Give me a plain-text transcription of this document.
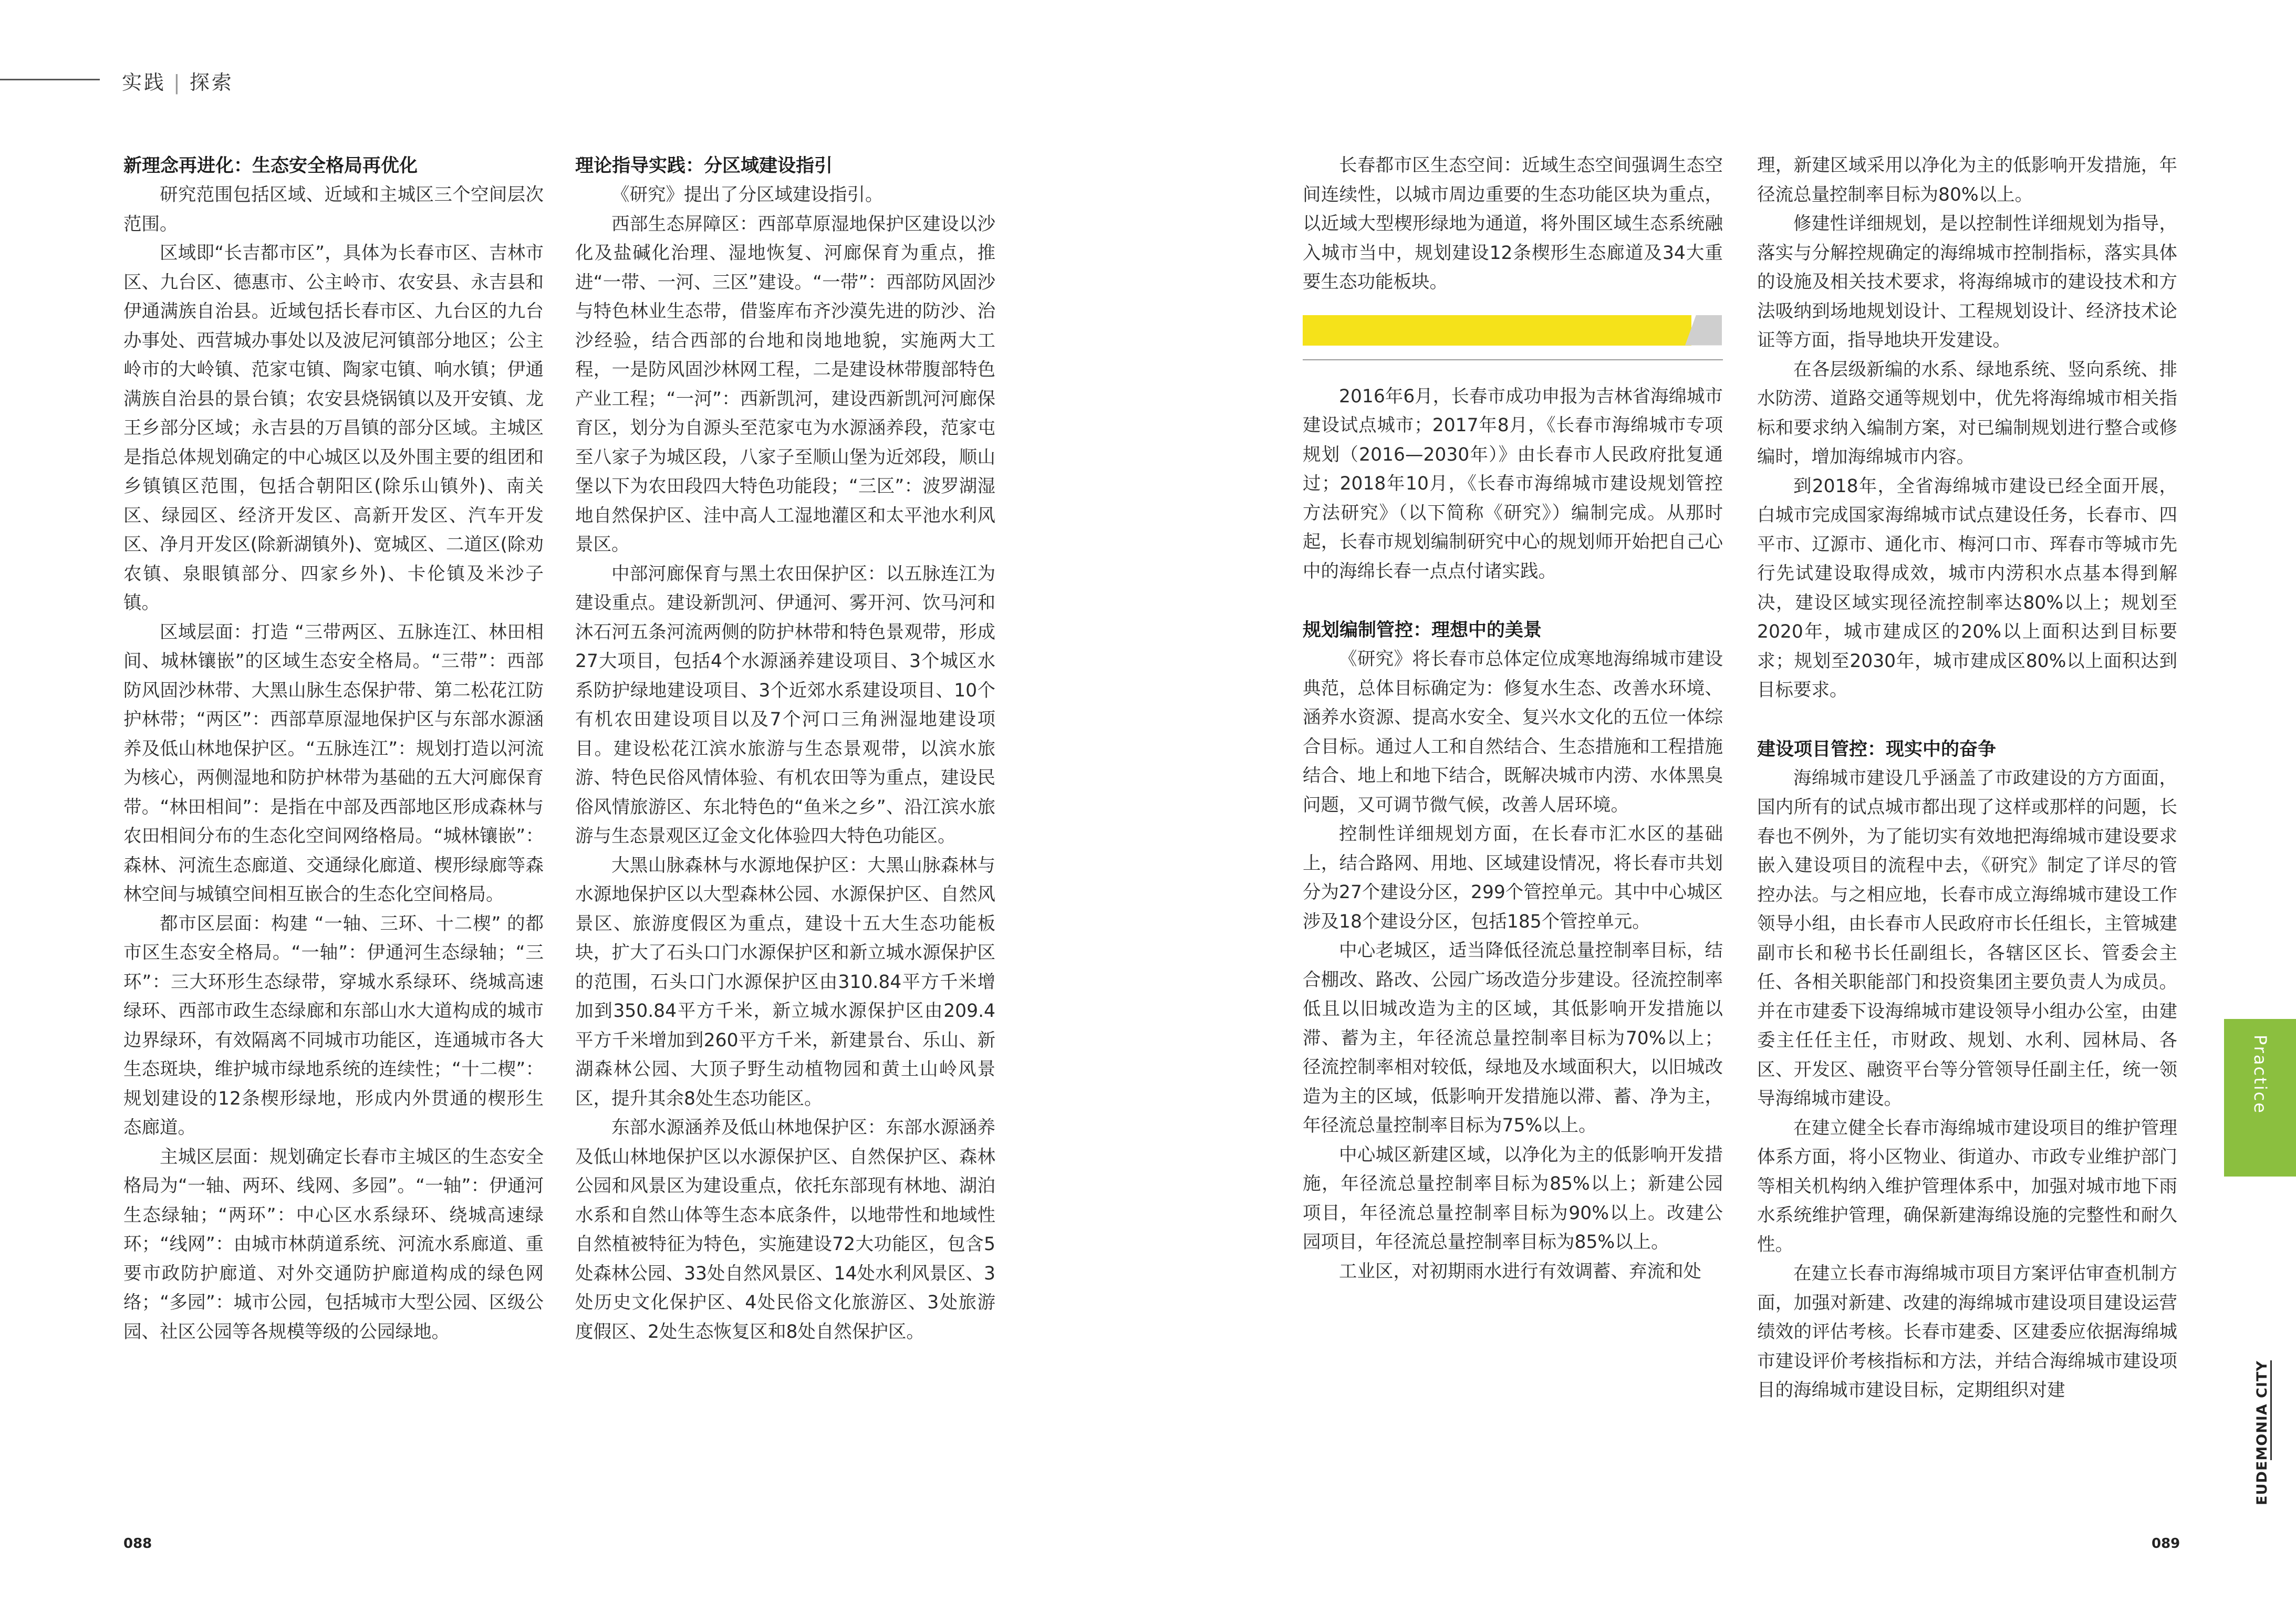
实践 | 探索
新理念再进化：生态安全格局再优化

研究范围包括区域、近域和主城区三个空间层次范围。

区域即“长吉都市区”，具体为长春市区、吉林市区、九台区、德惠市、公主岭市、农安县、永吉县和伊通满族自治县。近域包括长春市区、九台区的九台办事处、西营城办事处以及波尼河镇部分地区；公主岭市的大岭镇、范家屯镇、陶家屯镇、响水镇；伊通满族自治县的景台镇；农安县烧锅镇以及开安镇、龙王乡部分区域；永吉县的万昌镇的部分区域。主城区是指总体规划确定的中心城区以及外围主要的组团和乡镇镇区范围，包括合朝阳区(除乐山镇外)、南关区、绿园区、经济开发区、高新开发区、汽车开发区、净月开发区(除新湖镇外)、宽城区、二道区(除劝农镇、泉眼镇部分、四家乡外)、卡伦镇及米沙子镇。

区域层面：打造 “三带两区、五脉连江、林田相间、城林镶嵌”的区域生态安全格局。“三带”：西部防风固沙林带、大黑山脉生态保护带、第二松花江防护林带；“两区”：西部草原湿地保护区与东部水源涵养及低山林地保护区。“五脉连江”：规划打造以河流为核心，两侧湿地和防护林带为基础的五大河廊保育带。“林田相间”：是指在中部及西部地区形成森林与农田相间分布的生态化空间网络格局。“城林镶嵌”：森林、河流生态廊道、交通绿化廊道、楔形绿廊等森林空间与城镇空间相互嵌合的生态化空间格局。

都市区层面：构建 “一轴、三环、十二楔” 的都市区生态安全格局。“一轴”：伊通河生态绿轴；“三环”：三大环形生态绿带，穿城水系绿环、绕城高速绿环、西部市政生态绿廊和东部山水大道构成的城市边界绿环，有效隔离不同城市功能区，连通城市各大生态斑块，维护城市绿地系统的连续性；“十二楔”：规划建设的12条楔形绿地，形成内外贯通的楔形生态廊道。

主城区层面：规划确定长春市主城区的生态安全格局为“一轴、两环、线网、多园”。“一轴”：伊通河生态绿轴；“两环”：中心区水系绿环、绕城高速绿环；“线网”：由城市林荫道系统、河流水系廊道、重要市政防护廊道、对外交通防护廊道构成的绿色网络；“多园”：城市公园，包括城市大型公园、区级公园、社区公园等各规模等级的公园绿地。

理论指导实践：分区域建设指引

《研究》提出了分区域建设指引。

西部生态屏障区：西部草原湿地保护区建设以沙化及盐碱化治理、湿地恢复、河廊保育为重点，推进“一带、一河、三区”建设。“一带”：西部防风固沙与特色林业生态带，借鉴库布齐沙漠先进的防沙、治沙经验，结合西部的台地和岗地地貌，实施两大工程，一是防风固沙林网工程，二是建设林带腹部特色产业工程；“一河”：西新凯河，建设西新凯河河廊保育区，划分为自源头至范家屯为水源涵养段，范家屯至八家子为城区段，八家子至顺山堡为近郊段，顺山堡以下为农田段四大特色功能段；“三区”：波罗湖湿地自然保护区、洼中高人工湿地灌区和太平池水利风景区。

中部河廊保育与黑土农田保护区：以五脉连江为建设重点。建设新凯河、伊通河、雾开河、饮马河和沐石河五条河流两侧的防护林带和特色景观带，形成27大项目，包括4个水源涵养建设项目、3个城区水系防护绿地建设项目、3个近郊水系建设项目、10个有机农田建设项目以及7个河口三角洲湿地建设项目。建设松花江滨水旅游与生态景观带，以滨水旅游、特色民俗风情体验、有机农田等为重点，建设民俗风情旅游区、东北特色的“鱼米之乡”、沿江滨水旅游与生态景观区辽金文化体验四大特色功能区。

大黑山脉森林与水源地保护区：大黑山脉森林与水源地保护区以大型森林公园、水源保护区、自然风景区、旅游度假区为重点，建设十五大生态功能板块，扩大了石头口门水源保护区和新立城水源保护区的范围，石头口门水源保护区由310.84平方千米增加到350.84平方千米，新立城水源保护区由209.4平方千米增加到260平方千米，新建景台、乐山、新湖森林公园、大顶子野生动植物园和黄土山岭风景区，提升其余8处生态功能区。

东部水源涵养及低山林地保护区：东部水源涵养及低山林地保护区以水源保护区、自然保护区、森林公园和风景区为建设重点，依托东部现有林地、湖泊水系和自然山体等生态本底条件，以地带性和地域性自然植被特征为特色，实施建设72大功能区，包含5处森林公园、33处自然风景区、14处水利风景区、3处历史文化保护区、4处民俗文化旅游区、3处旅游度假区、2处生态恢复区和8处自然保护区。

长春都市区生态空间：近域生态空间强调生态空间连续性，以城市周边重要的生态功能区块为重点，以近域大型楔形绿地为通道，将外围区域生态系统融入城市当中，规划建设12条楔形生态廊道及34大重要生态功能板块。

2016年6月，长春市成功申报为吉林省海绵城市建设试点城市；2017年8月，《长春市海绵城市专项规划（2016—2030年）》由长春市人民政府批复通过；2018年10月，《长春市海绵城市建设规划管控方法研究》（以下简称《研究》）编制完成。从那时起，长春市规划编制研究中心的规划师开始把自己心中的海绵长春一点点付诸实践。

规划编制管控：理想中的美景

《研究》将长春市总体定位成寒地海绵城市建设典范，总体目标确定为：修复水生态、改善水环境、涵养水资源、提高水安全、复兴水文化的五位一体综合目标。通过人工和自然结合、生态措施和工程措施结合、地上和地下结合，既解决城市内涝、水体黑臭问题，又可调节微气候，改善人居环境。

控制性详细规划方面，在长春市汇水区的基础上，结合路网、用地、区域建设情况，将长春市共划分为27个建设分区，299个管控单元。其中中心城区涉及18个建设分区，包括185个管控单元。

中心老城区，适当降低径流总量控制率目标，结合棚改、路改、公园广场改造分步建设。径流控制率低且以旧城改造为主的区域，其低影响开发措施以滞、蓄为主，年径流总量控制率目标为70%以上；径流控制率相对较低，绿地及水域面积大，以旧城改造为主的区域，低影响开发措施以滞、蓄、净为主，年径流总量控制率目标为75%以上。

中心城区新建区域，以净化为主的低影响开发措施，年径流总量控制率目标为85%以上；新建公园项目，年径流总量控制率目标为90%以上。改建公园项目，年径流总量控制率目标为85%以上。

工业区，对初期雨水进行有效调蓄、弃流和处

理，新建区域采用以净化为主的低影响开发措施，年径流总量控制率目标为80%以上。

修建性详细规划，是以控制性详细规划为指导，落实与分解控规确定的海绵城市控制指标，落实具体的设施及相关技术要求，将海绵城市的建设技术和方法吸纳到场地规划设计、工程规划设计、经济技术论证等方面，指导地块开发建设。

在各层级新编的水系、绿地系统、竖向系统、排水防涝、道路交通等规划中，优先将海绵城市相关指标和要求纳入编制方案，对已编制规划进行整合或修编时，增加海绵城市内容。

到2018年，全省海绵城市建设已经全面开展，白城市完成国家海绵城市试点建设任务，长春市、四平市、辽源市、通化市、梅河口市、珲春市等城市先行先试建设取得成效，城市内涝积水点基本得到解决，建设区域实现径流控制率达80%以上；规划至2020年，城市建成区的20%以上面积达到目标要求；规划至2030年，城市建成区80%以上面积达到目标要求。

建设项目管控：现实中的奋争

海绵城市建设几乎涵盖了市政建设的方方面面，国内所有的试点城市都出现了这样或那样的问题，长春也不例外，为了能切实有效地把海绵城市建设要求嵌入建设项目的流程中去，《研究》制定了详尽的管控办法。与之相应地，长春市成立海绵城市建设工作领导小组，由长春市人民政府市长任组长，主管城建副市长和秘书长任副组长，各辖区区长、管委会主任、各相关职能部门和投资集团主要负责人为成员。并在市建委下设海绵城市建设领导小组办公室，由建委主任任主任，市财政、规划、水利、园林局、各区、开发区、融资平台等分管领导任副主任，统一领导海绵城市建设。

在建立健全长春市海绵城市建设项目的维护管理体系方面，将小区物业、街道办、市政专业维护部门等相关机构纳入维护管理体系中，加强对城市地下雨水系统维护管理，确保新建海绵设施的完整性和耐久性。

在建立长春市海绵城市项目方案评估审查机制方面，加强对新建、改建的海绵城市建设项目建设运营绩效的评估考核。长春市建委、区建委应依据海绵城市建设评价考核指标和方法，并结合海绵城市建设项目的海绵城市建设目标，定期组织对建

088	089
Practice
EUDEMONIA CITY
